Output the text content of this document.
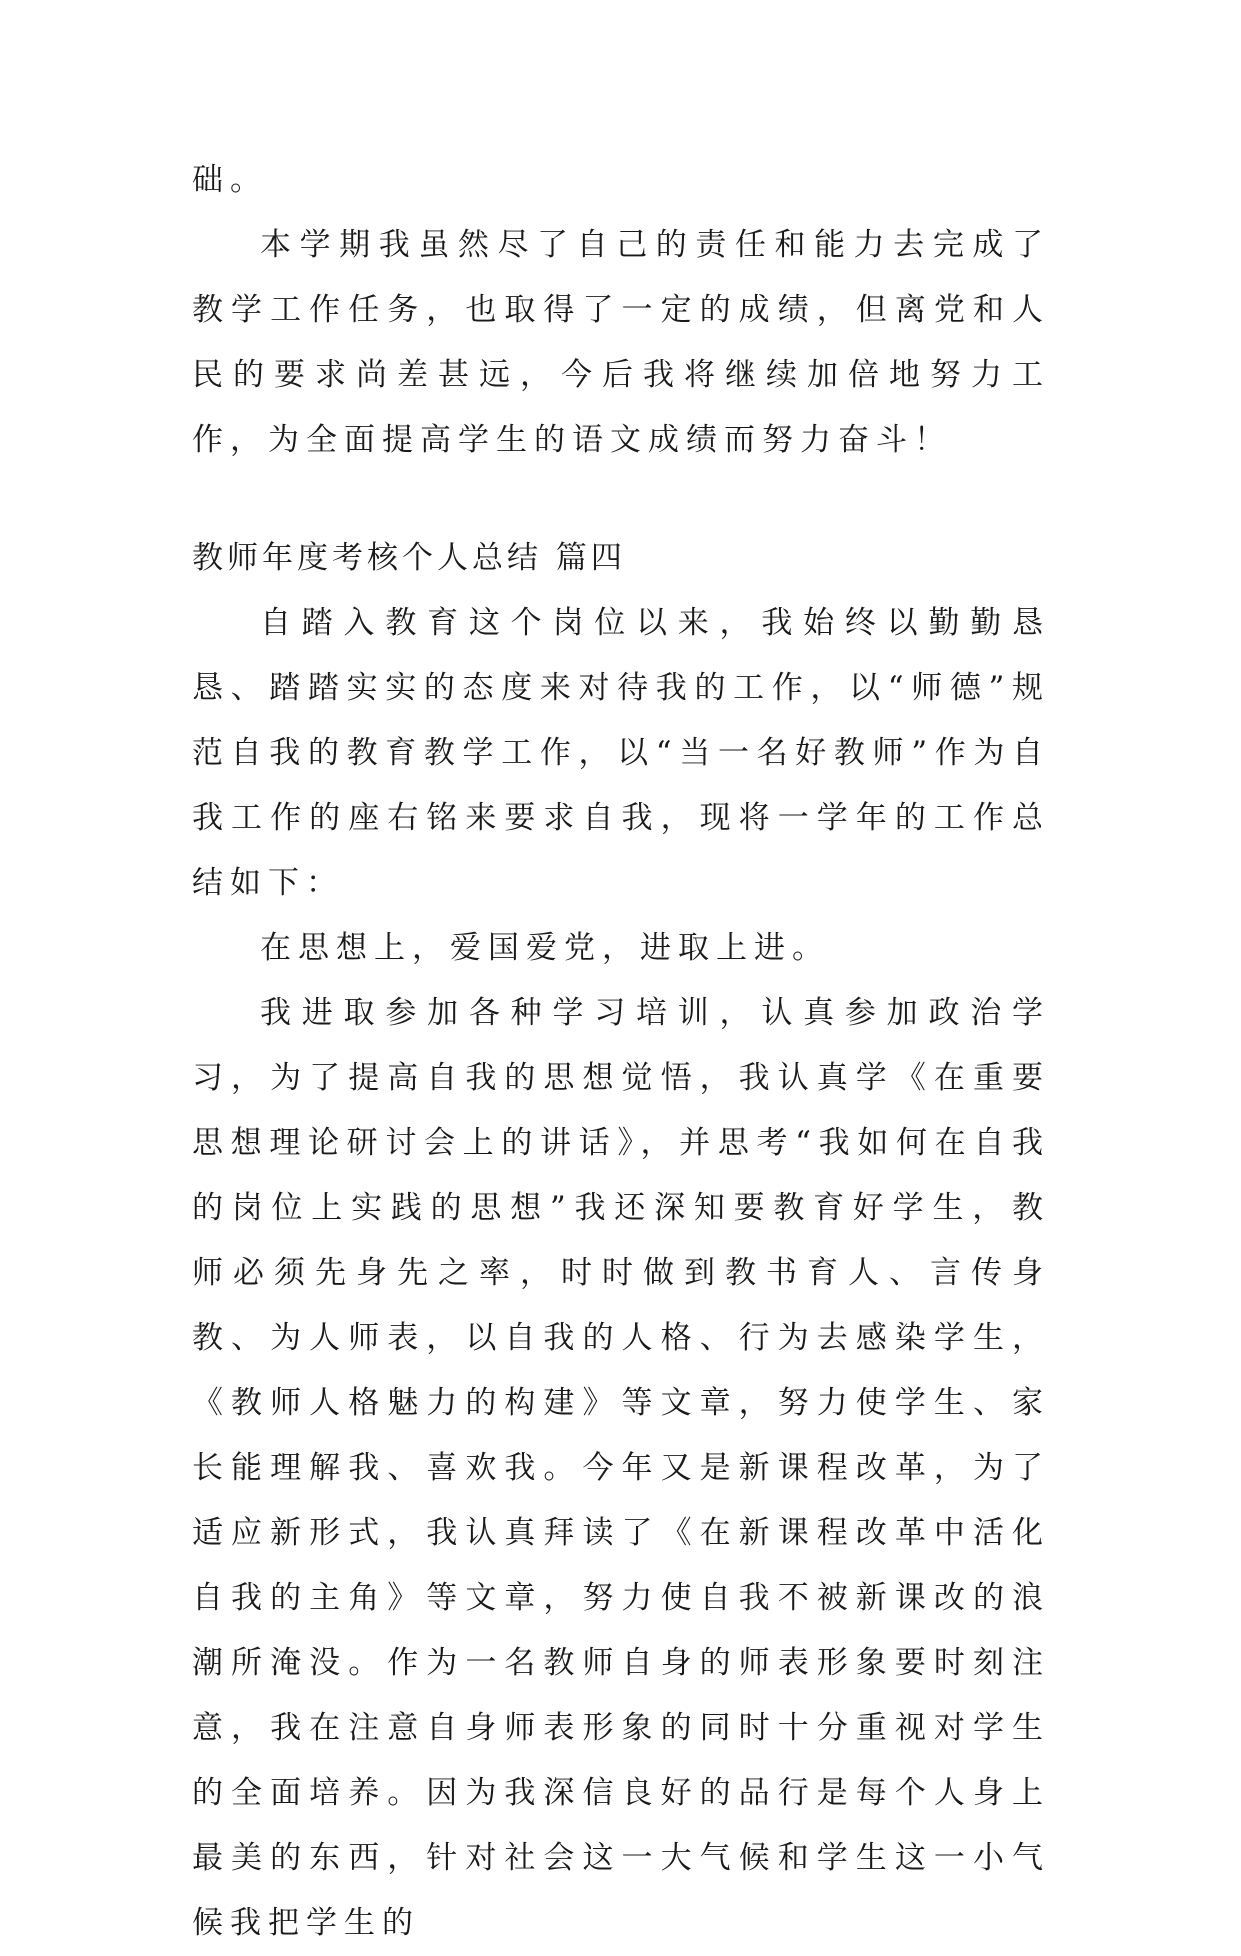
础。

本学期我虽然尽了自己的责任和能力去完成了教学工作任务，也取得了一定的成绩，但离党和人民的要求尚差甚远，今后我将继续加倍地努力工作，为全面提高学生的语文成绩而努力奋斗！

教师年度考核个人总结 篇四

自踏入教育这个岗位以来，我始终以勤勤恳恳、踏踏实实的态度来对待我的工作，以“师德”规范自我的教育教学工作，以“当一名好教师”作为自我工作的座右铭来要求自我，现将一学年的工作总结如下：

在思想上，爱国爱党，进取上进。

我进取参加各种学习培训，认真参加政治学习，为了提高自我的思想觉悟，我认真学《在重要思想理论研讨会上的讲话》，并思考“我如何在自我的岗位上实践的思想”我还深知要教育好学生，教师必须先身先之率，时时做到教书育人、言传身教、为人师表，以自我的人格、行为去感染学生，《教师人格魅力的构建》等文章，努力使学生、家长能理解我、喜欢我。今年又是新课程改革，为了适应新形式，我认真拜读了《在新课程改革中活化自我的主角》等文章，努力使自我不被新课改的浪潮所淹没。作为一名教师自身的师表形象要时刻注意，我在注意自身师表形象的同时十分重视对学生的全面培养。因为我深信良好的品行是每个人身上最美的东西，针对社会这一大气候和学生这一小气候我把学生的
